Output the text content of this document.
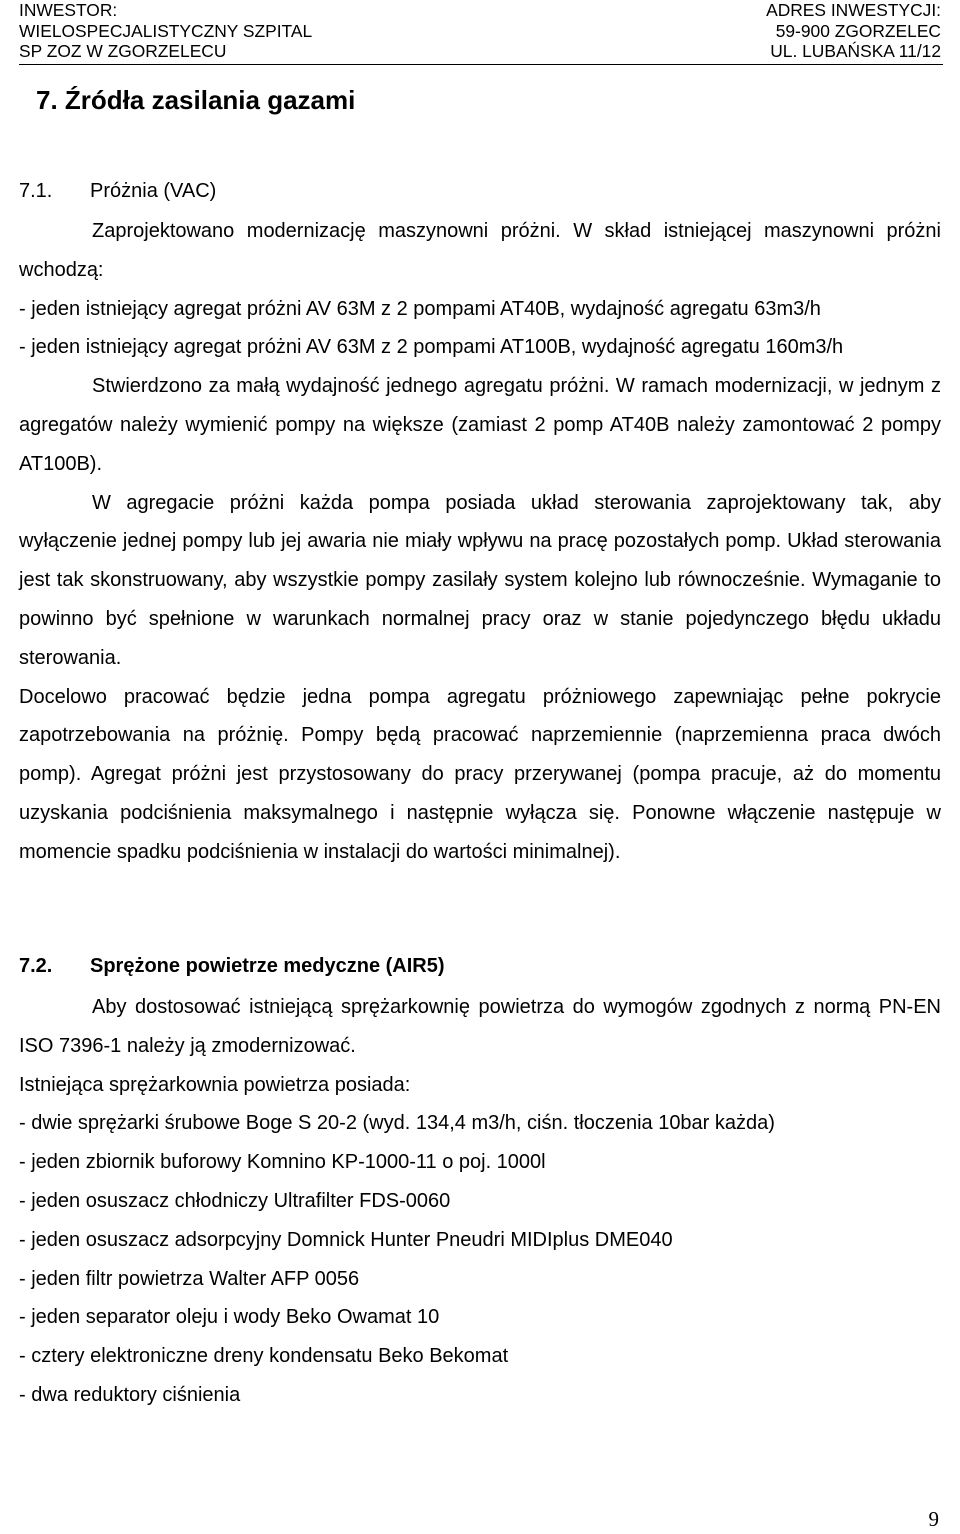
INWESTOR:
WIELOSPECJALISTYCZNY SZPITAL
SP ZOZ W ZGORZELECU
ADRES INWESTYCJI:
59-900 ZGORZELEC
UL. LUBAŃSKA 11/12
7. Źródła zasilania gazami
7.1. Próżnia (VAC)

Zaprojektowano modernizację maszynowni próżni. W skład istniejącej maszynowni próżni wchodzą:

- jeden istniejący agregat próżni AV 63M z 2 pompami AT40B, wydajność agregatu 63m3/h

- jeden istniejący agregat próżni AV 63M z 2 pompami AT100B, wydajność agregatu 160m3/h

Stwierdzono za małą wydajność jednego agregatu próżni. W ramach modernizacji, w jednym z agregatów należy wymienić pompy na większe (zamiast 2 pomp AT40B należy zamontować 2 pompy AT100B).

W agregacie próżni każda pompa posiada układ sterowania zaprojektowany tak, aby wyłączenie jednej pompy lub jej awaria nie miały wpływu na pracę pozostałych pomp. Układ sterowania jest tak skonstruowany, aby wszystkie pompy zasilały system kolejno lub równocześnie. Wymaganie to powinno być spełnione w warunkach normalnej pracy oraz w stanie pojedynczego błędu układu sterowania.

Docelowo pracować będzie jedna pompa agregatu próżniowego zapewniając pełne pokrycie zapotrzebowania na próżnię. Pompy będą pracować naprzemiennie (naprzemienna praca dwóch pomp). Agregat próżni jest przystosowany do pracy przerywanej (pompa pracuje, aż do momentu uzyskania podciśnienia maksymalnego i następnie wyłącza się. Ponowne włączenie następuje w momencie spadku podciśnienia w instalacji do wartości minimalnej).

7.2. Sprężone powietrze medyczne (AIR5)

Aby dostosować istniejącą sprężarkownię powietrza do wymogów zgodnych z normą PN-EN ISO 7396-1 należy ją zmodernizować.

Istniejąca sprężarkownia powietrza posiada:

- dwie sprężarki śrubowe Boge S 20-2 (wyd. 134,4 m3/h, ciśn. tłoczenia 10bar każda)

- jeden zbiornik buforowy Komnino KP-1000-11 o poj. 1000l

- jeden osuszacz chłodniczy Ultrafilter FDS-0060

- jeden osuszacz adsorpcyjny Domnick Hunter Pneudri MIDIplus DME040

- jeden filtr powietrza Walter AFP 0056

- jeden separator oleju i wody Beko Owamat 10

- cztery elektroniczne dreny kondensatu Beko Bekomat

- dwa reduktory ciśnienia

9
